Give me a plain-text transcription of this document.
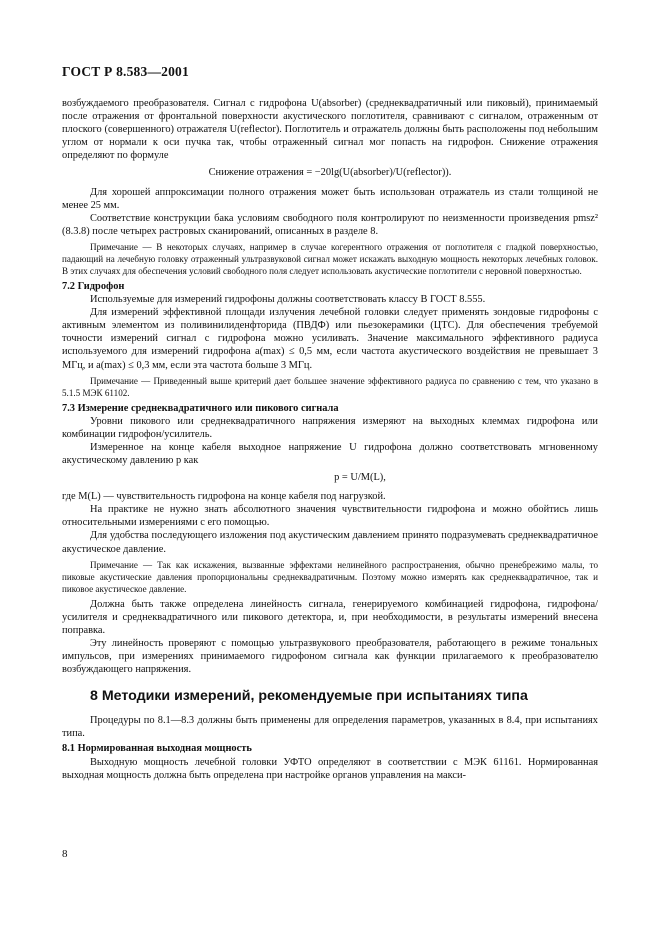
ГОСТ Р 8.583—2001

возбуждаемого преобразователя. Сигнал с гидрофона U(absorber) (среднеквадратичный или пиковый), принимаемый после отражения от фронтальной поверхности акустического поглотителя, сравнивают с сигналом, отраженным от плоского (совершенного) отражателя U(reflector). Поглотитель и отражатель должны быть расположены под небольшим углом от нормали к оси пучка так, чтобы отраженный сигнал мог попасть на гидрофон. Снижение отражения определяют по формуле

Снижение отражения = −20lg(U(absorber)/U(reflector)).

Для хорошей аппроксимации полного отражения может быть использован отражатель из стали толщиной не менее 25 мм.

Соответствие конструкции бака условиям свободного поля контролируют по неизменности произведения pmsz² (8.3.8) после четырех растровых сканирований, описанных в разделе 8.

Примечание — В некоторых случаях, например в случае когерентного отражения от поглотителя с гладкой поверхностью, падающий на лечебную головку отраженный ультразвуковой сигнал может искажать выходную мощность некоторых лечебных головок. В этих случаях для обеспечения условий свободного поля следует использовать акустические поглотители с неровной поверхностью.

7.2 Гидрофон

Используемые для измерений гидрофоны должны соответствовать классу В ГОСТ 8.555.

Для измерений эффективной площади излучения лечебной головки следует применять зондовые гидрофоны с активным элементом из поливинилиденфторида (ПВДФ) или пьезокерамики (ЦТС). Для обеспечения требуемой точности измерений сигнал с гидрофона можно усиливать. Значение максимального эффективного радиуса используемого для измерений гидрофона a(max) ≤ 0,5 мм, если частота акустического воздействия не превышает 3 МГц, и a(max) ≤ 0,3 мм, если эта частота больше 3 МГц.

Примечание — Приведенный выше критерий дает большее значение эффективного радиуса по сравнению с тем, что указано в 5.1.5 МЭК 61102.

7.3 Измерение среднеквадратичного или пикового сигнала

Уровни пикового или среднеквадратичного напряжения измеряют на выходных клеммах гидрофона или комбинации гидрофон/усилитель.

Измеренное на конце кабеля выходное напряжение U гидрофона должно соответствовать мгновенному акустическому давлению p как

p = U/M(L),

где M(L) — чувствительность гидрофона на конце кабеля под нагрузкой.

На практике не нужно знать абсолютного значения чувствительности гидрофона и можно обойтись лишь относительными измерениями с его помощью.

Для удобства последующего изложения под акустическим давлением принято подразумевать среднеквадратичное акустическое давление.

Примечание — Так как искажения, вызванные эффектами нелинейного распространения, обычно пренебрежимо малы, то пиковые акустические давления пропорциональны среднеквадратичным. Поэтому можно измерять как среднеквадратичное, так и пиковое акустическое давление.

Должна быть также определена линейность сигнала, генерируемого комбинацией гидрофона, гидрофона/усилителя и среднеквадратичного или пикового детектора, и, при необходимости, в результаты измерений внесена поправка.

Эту линейность проверяют с помощью ультразвукового преобразователя, работающего в режиме тональных импульсов, при измерениях принимаемого гидрофоном сигнала как функции прилагаемого к преобразователю возбуждающего напряжения.

8 Методики измерений, рекомендуемые при испытаниях типа

Процедуры по 8.1—8.3 должны быть применены для определения параметров, указанных в 8.4, при испытаниях типа.

8.1 Нормированная выходная мощность

Выходную мощность лечебной головки УФТО определяют в соответствии с МЭК 61161. Нормированная выходная мощность должна быть определена при настройке органов управления на макси-

8
